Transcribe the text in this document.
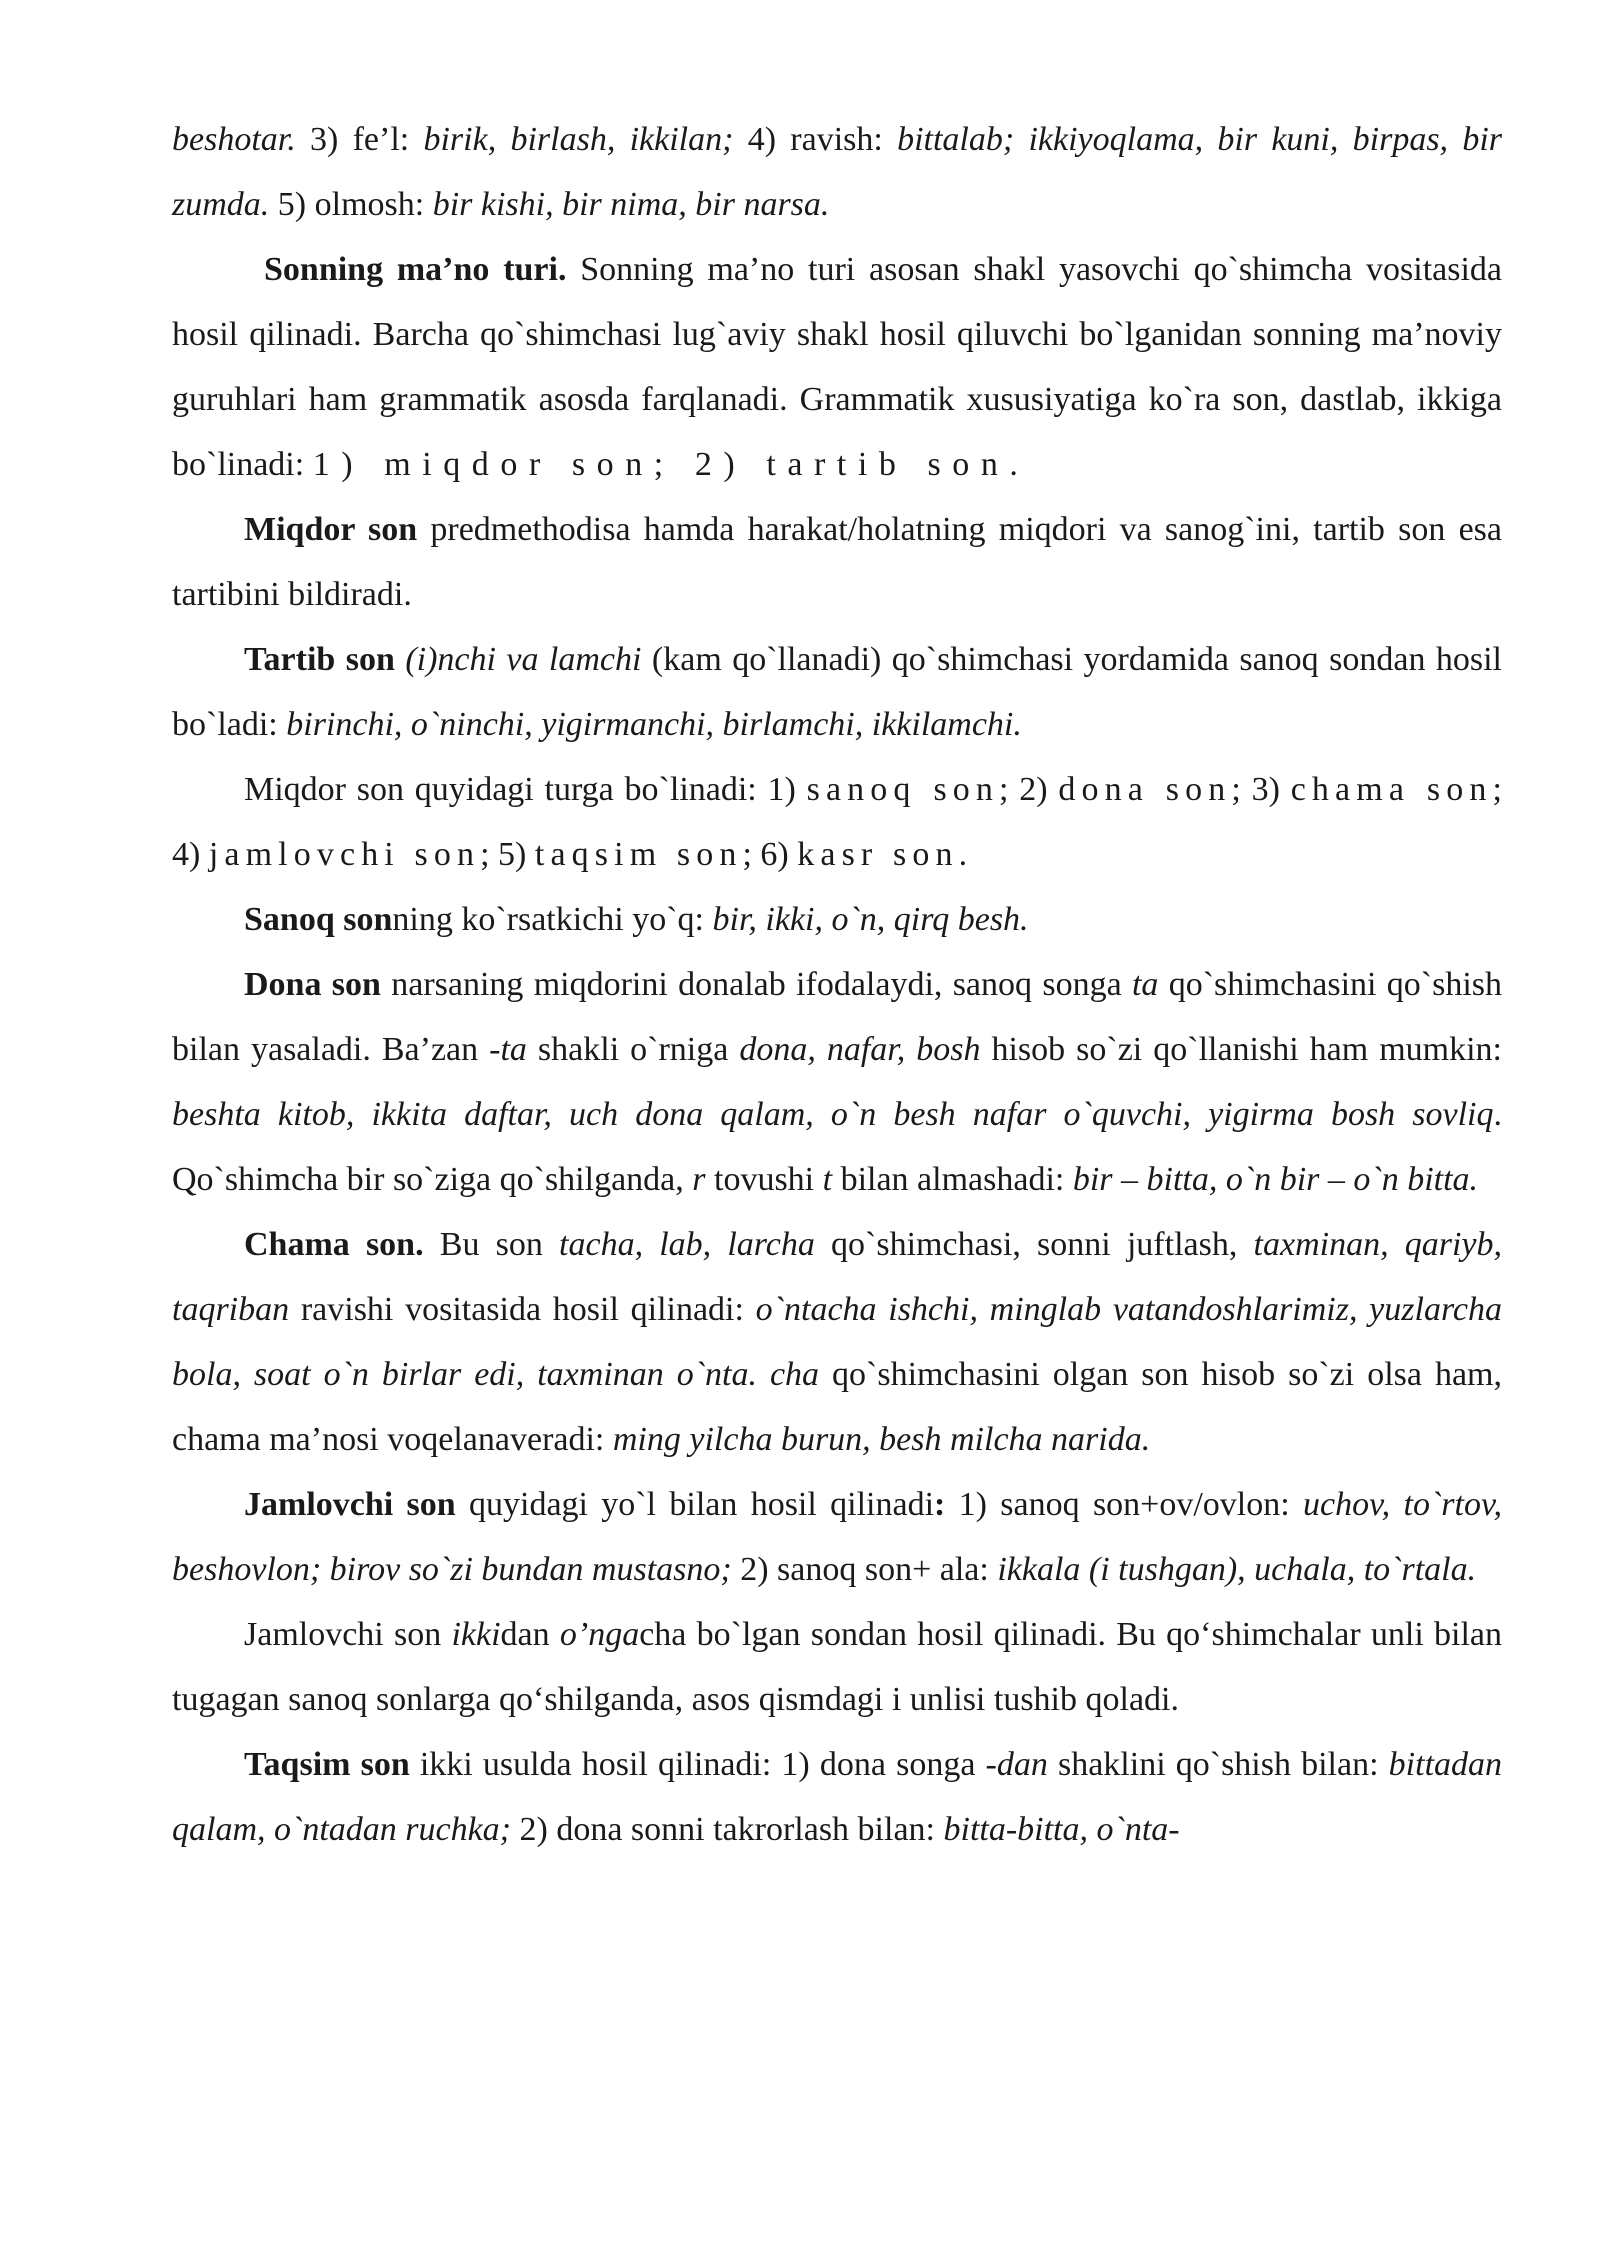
beshotar. 3) fe’l: birik, birlash, ikkilan; 4) ravish: bittalab; ikkiyoqlama, bir kuni, birpas, bir zumda. 5) olmosh: bir kishi, bir nima, bir narsa.

Sonning ma’no turi. Sonning ma’no turi asosan shakl yasovchi qo`shimcha vositasida hosil qilinadi. Barcha qo`shimchasi lug`aviy shakl hosil qiluvchi bo`lganidan sonning ma’noviy guruhlari ham grammatik asosda farqlanadi. Grammatik xususiyatiga ko`ra son, dastlab, ikkiga bo`linadi: 1) miqdor son; 2) tartib son.

Miqdor son predmethodisa hamda harakat/holatning miqdori va sanog`ini, tartib son esa tartibini bildiradi.

Tartib son (i)nchi va lamchi (kam qo`llanadi) qo`shimchasi yordamida sanoq sondan hosil bo`ladi: birinchi, o`ninchi, yigirmanchi, birlamchi, ikkilamchi.

Miqdor son quyidagi turga bo`linadi: 1) sanoq son; 2) dona son; 3) chama son; 4) jamlovchi son; 5) taqsim son; 6) kasr son.

Sanoq sonning ko`rsatkichi yo`q: bir, ikki, o`n, qirq besh.

Dona son narsaning miqdorini donalab ifodalaydi, sanoq songa ta qo`shimchasini qo`shish bilan yasaladi. Ba’zan -ta shakli o`rniga dona, nafar, bosh hisob so`zi qo`llanishi ham mumkin: beshta kitob, ikkita daftar, uch dona qalam, o`n besh nafar o`quvchi, yigirma bosh sovliq. Qo`shimcha bir so`ziga qo`shilganda, r tovushi t bilan almashadi: bir – bitta, o`n bir – o`n bitta.

Chama son. Bu son tacha, lab, larcha qo`shimchasi, sonni juftlash, taxminan, qariyb, taqriban ravishi vositasida hosil qilinadi: o`ntacha ishchi, minglab vatandoshlarimiz, yuzlarcha bola, soat o`n birlar edi, taxminan o`nta. cha qo`shimchasini olgan son hisob so`zi olsa ham, chama ma’nosi voqelanaveradi: ming yilcha burun, besh milcha narida.

Jamlovchi son quyidagi yo`l bilan hosil qilinadi: 1) sanoq son+ov/ovlon: uchov, to`rtov, beshovlon; birov so`zi bundan mustasno; 2) sanoq son+ ala: ikkala (i tushgan), uchala, to`rtala.

Jamlovchi son ikkidan o’ngacha bo`lgan sondan hosil qilinadi. Bu qo‘shimchalar unli bilan tugagan sanoq sonlarga qo‘shilganda, asos qismdagi i unlisi tushib qoladi.

Taqsim son ikki usulda hosil qilinadi: 1) dona songa -dan shaklini qo`shish bilan: bittadan qalam, o`ntadan ruchka; 2) dona sonni takrorlash bilan: bitta-bitta, o`nta-
